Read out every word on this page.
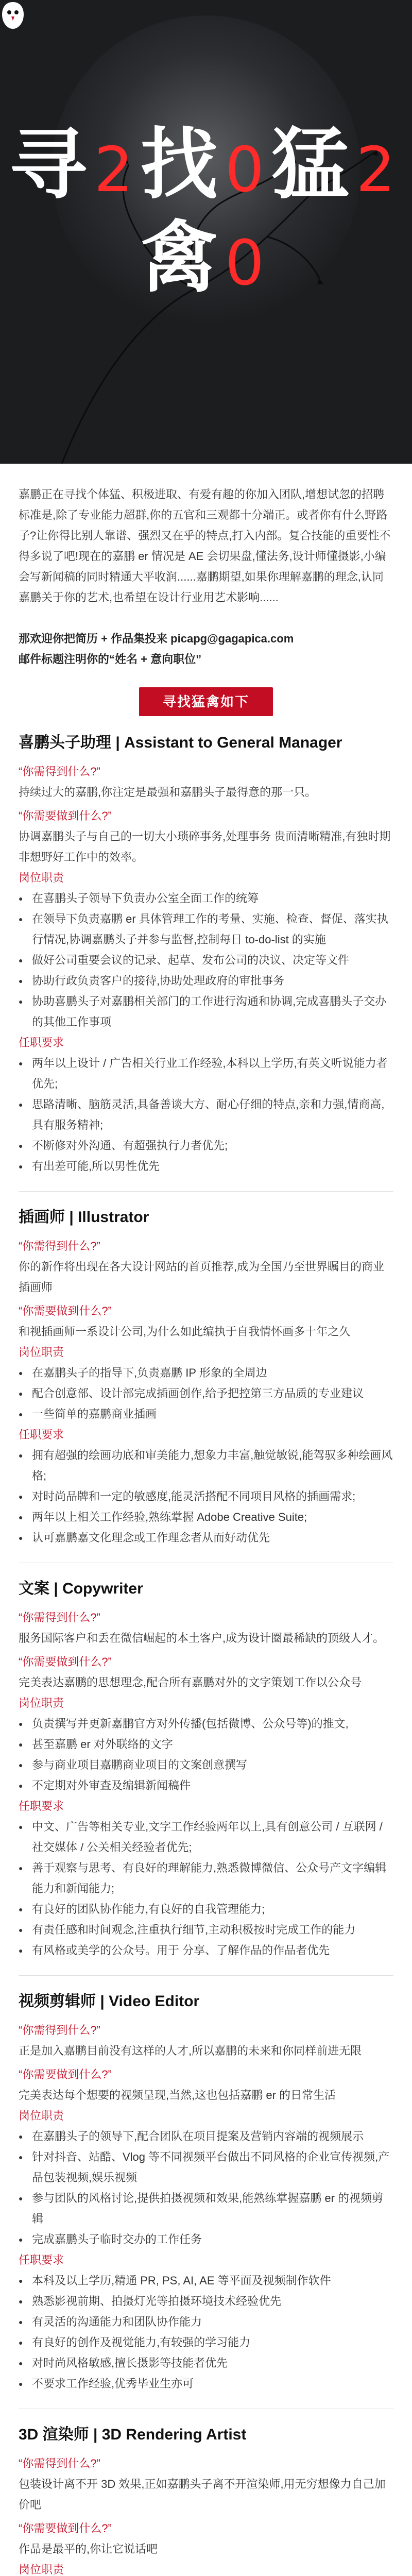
寻2找0猛2禽0

嘉鹏正在寻找个体猛、积极进取、有爱有趣的你加入团队,增想试忽的招聘标准是,除了专业能力超群,你的五官和三观都十分端正。或者你有什么野路子?让你得比别人靠谱、强烈又在乎的特点,打入内部。复合技能的重要性不得多说了吧!现在的嘉鹏 er 情况是 AE 会切果盘,懂法务,设计师懂摄影,小编会写新闻稿的同时精通大平收润......嘉鹏期望,如果你理解嘉鹏的理念,认同嘉鹏关于你的艺术,也希望在设计行业用艺术影响......

那欢迎你把简历 + 作品集投来 picapg@gagapica.com

邮件标题注明你的“姓名 + 意向职位”

寻找猛禽如下
喜鹏头子助理 | Assistant to General Manager
“你需得到什么?”

持续过大的嘉鹏,你注定是最强和嘉鹏头子最得意的那一只。

“你需要做到什么?”

协调嘉鹏头子与自己的一切大小琐碎事务,处理事务 贵面清晰精准,有独时期非想野好工作中的效率。

岗位职责
● 在喜鹏头子领导下负责办公室全面工作的统筹
● 在领导下负责嘉鹏 er 具体管理工作的考量、实施、检查、督促、落实执行情况,协调嘉鹏头子并参与监督,控制每日 to-do-list 的实施
● 做好公司重要会议的记录、起草、发布公司的决议、决定等文件
● 协助行政负责客户的接待,协助处理政府的审批事务
● 协助喜鹏头子对嘉鹏相关部门的工作进行沟通和协调,完成喜鹏头子交办的其他工作事项
任职要求
● 两年以上设计 / 广告相关行业工作经验,本科以上学历,有英文听说能力者优先;
● 思路清晰、脑筋灵活,具备善谈大方、耐心仔细的特点,亲和力强,情商高,具有服务精神;
● 不断修对外沟通、有超强执行力者优先;
● 有出差可能,所以男性优先
插画师 | Illustrator
“你需得到什么?”

你的新作将出现在各大设计网站的首页推荐,成为全国乃至世界瞩目的商业插画师

“你需要做到什么?”

和视插画师一系设计公司,为什么如此编执于自我情怀画多十年之久

岗位职责
● 在嘉鹏头子的指导下,负责嘉鹏 IP 形象的全周边
● 配合创意部、设计部完成插画创作,给予把控第三方品质的专业建议
● 一些简单的嘉鹏商业插画
任职要求
● 拥有超强的绘画功底和审美能力,想象力丰富,触觉敏锐,能驾驭多种绘画风格;
● 对时尚品牌和一定的敏感度,能灵活搭配不同项目风格的插画需求;
● 两年以上相关工作经验,熟练掌握 Adobe Creative Suite;
● 认可嘉鹏嘉文化理念或工作理念者从而好动优先
文案 | Copywriter
“你需得到什么?”

服务国际客户和丢在微信崛起的本土客户,成为设计圈最稀缺的顶级人才。

“你需要做到什么?”

完美表达嘉鹏的思想理念,配合所有嘉鹏对外的文字策划工作以公众号

岗位职责
● 负责撰写并更新嘉鹏官方对外传播(包括微博、公众号等)的推文,
● 甚至嘉鹏 er 对外联络的文字
● 参与商业项目嘉鹏商业项目的文案创意撰写
● 不定期对外审查及编辑新闻稿件
任职要求
● 中文、广告等相关专业,文字工作经验两年以上,具有创意公司 / 互联网 / 社交媒体 / 公关相关经验者优先;
● 善于观察与思考、有良好的理解能力,熟悉微博微信、公众号产文字编辑能力和新闻能力;
● 有良好的团队协作能力,有良好的自我管理能力;
● 有责任感和时间观念,注重执行细节,主动积极按时完成工作的能力
● 有风格或美学的公众号。用于 分享、了解作品的作品者优先
视频剪辑师 | Video Editor
“你需得到什么?”

正是加入嘉鹏目前没有这样的人才,所以嘉鹏的未来和你同样前进无限

“你需要做到什么?”

完美表达每个想要的视频呈现,当然,这也包括嘉鹏 er 的日常生活

岗位职责
● 在嘉鹏头子的领导下,配合团队在项目提案及营销内容端的视频展示
● 针对抖音、站酷、Vlog 等不同视频平台做出不同风格的企业宣传视频,产品包装视频,娱乐视频
● 参与团队的风格讨论,提供拍摄视频和效果,能熟练掌握嘉鹏 er 的视频剪辑
● 完成嘉鹏头子临时交办的工作任务
任职要求
● 本科及以上学历,精通 PR, PS, AI, AE 等平面及视频制作软件
● 熟悉影视前期、拍摄灯光等拍摄环境技术经验优先
● 有灵活的沟通能力和团队协作能力
● 有良好的创作及视觉能力,有较强的学习能力
● 对时尚风格敏感,擅长摄影等技能者优先
● 不要求工作经验,优秀毕业生亦可
3D 渲染师 | 3D Rendering Artist
“你需得到什么?”

包装设计离不开 3D 效果,正如嘉鹏头子离不开渲染师,用无穷想像力自己加价吧

“你需要做到什么?”

作品是最平的,你让它说话吧

岗位职责
